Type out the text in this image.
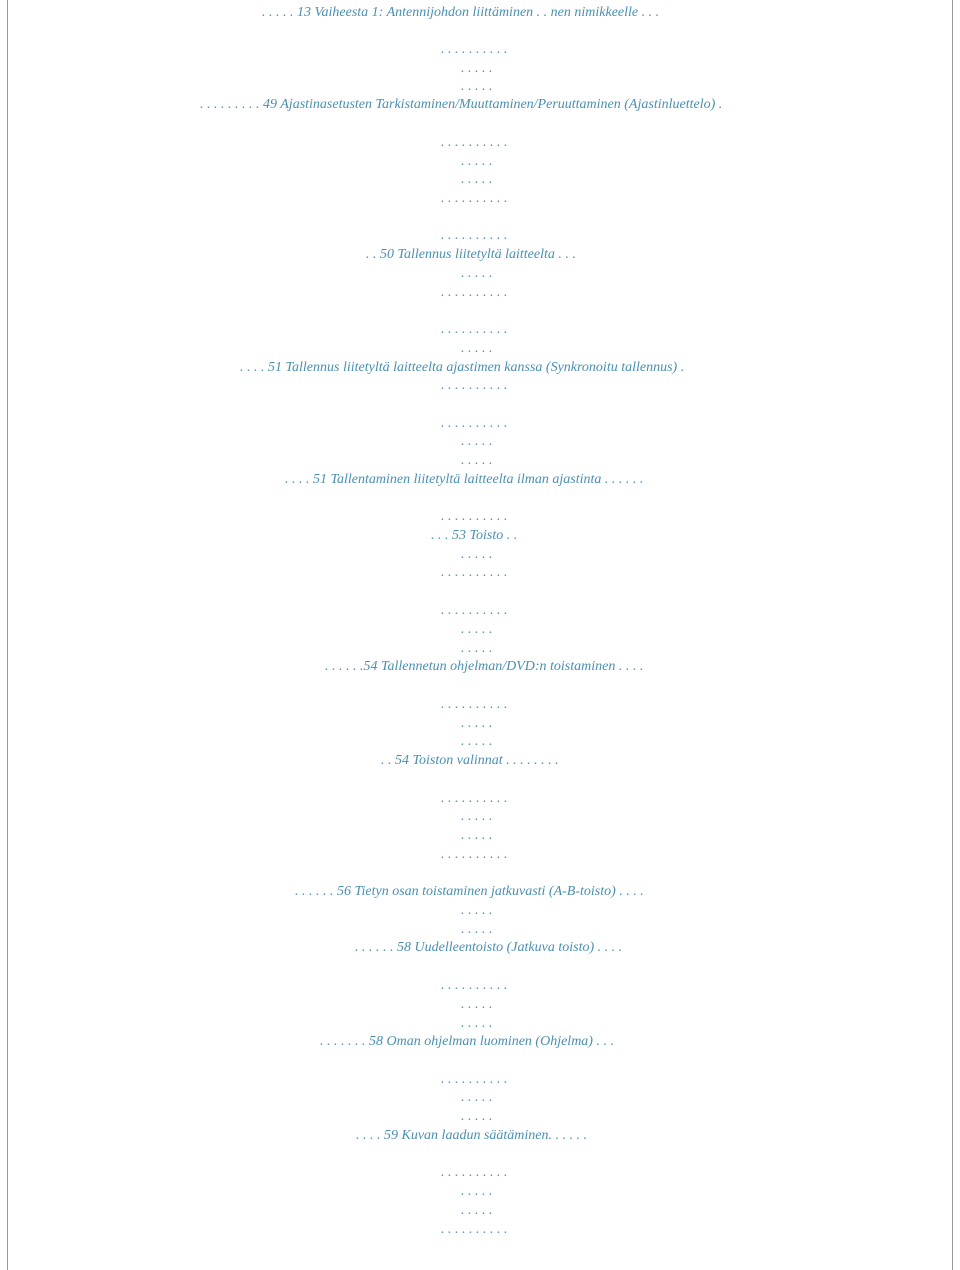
. . . . . 13 Vaiheesta 1: Antennijohdon liittäminen . . nen nimikkeelle . . .
. . . . . . . . . .
. . . . .
. . . . .
. . . . . . . . . 49 Ajastinasetusten Tarkistaminen/Muuttaminen/Peruuttaminen (Ajastinluettelo) .
. . . . . . . . . .
. . . . .
. . . . .
. . . . . . . . . .
. . . . . . . . . .
. . 50 Tallennus liitetyltä laitteelta . . .
. . . . .
. . . . . . . . . .
. . . . . . . . . .
. . . . .
. . . . 51 Tallennus liitetyltä laitteelta ajastimen kanssa (Synkronoitu tallennus) .
. . . . . . . . . .
. . . . . . . . . .
. . . . .
. . . . .
. . . . 51 Tallentaminen liitetyltä laitteelta ilman ajastinta . . . . . .
. . . . . . . . . .
. . . 53 Toisto . .
. . . . .
. . . . . . . . . .
. . . . . . . . . .
. . . . .
. . . . .
. . . . . .54 Tallennetun ohjelman/DVD:n toistaminen . . . .
. . . . . . . . . .
. . . . .
. . . . .
. . 54 Toiston valinnat . . . . . . . .
. . . . . . . . . .
. . . . .
. . . . .
. . . . . . . . . .
. . . . . . 56 Tietyn osan toistaminen jatkuvasti (A-B-toisto) . . . .
. . . . .
. . . . .
. . . . . . 58 Uudelleentoisto (Jatkuva toisto) . . . .
. . . . . . . . . .
. . . . .
. . . . .
. . . . . . . 58 Oman ohjelman luominen (Ohjelma) . . .
. . . . . . . . . .
. . . . .
. . . . .
. . . . 59 Kuvan laadun säätäminen. . . . . .
. . . . . . . . . .
. . . . .
. . . . .
. . . . . . . . . .
